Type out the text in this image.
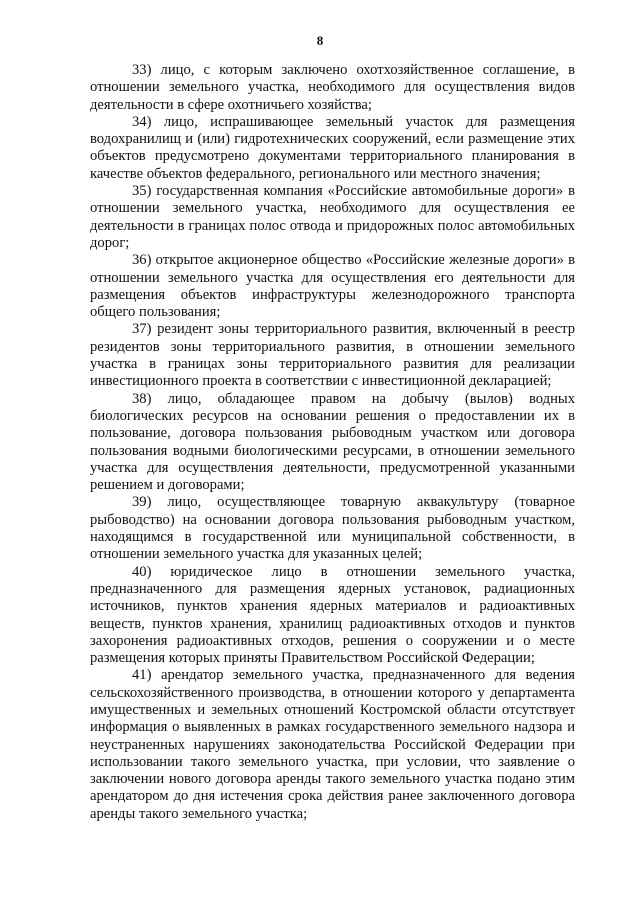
8

33) лицо, с которым заключено охотхозяйственное соглашение, в отношении земельного участка, необходимого для осуществления видов деятельности в сфере охотничьего хозяйства;

34) лицо, испрашивающее земельный участок для размещения водохранилищ и (или) гидротехнических сооружений, если размещение этих объектов предусмотрено документами территориального планирования в качестве объектов федерального, регионального или местного значения;

35) государственная компания «Российские автомобильные дороги» в отношении земельного участка, необходимого для осуществления ее деятельности в границах полос отвода и придорожных полос автомобильных дорог;

36) открытое акционерное общество «Российские железные дороги» в отношении земельного участка для осуществления его деятельности для размещения объектов инфраструктуры железнодорожного транспорта общего пользования;

37) резидент зоны территориального развития, включенный в реестр резидентов зоны территориального развития, в отношении земельного участка в границах зоны территориального развития для реализации инвестиционного проекта в соответствии с инвестиционной декларацией;

38) лицо, обладающее правом на добычу (вылов) водных биологических ресурсов на основании решения о предоставлении их в пользование, договора пользования рыбоводным участком или договора пользования водными биологическими ресурсами, в отношении земельного участка для осуществления деятельности, предусмотренной указанными решением и договорами;

39) лицо, осуществляющее товарную аквакультуру (товарное рыбоводство) на основании договора пользования рыбоводным участком, находящимся в государственной или муниципальной собственности, в отношении земельного участка для указанных целей;

40) юридическое лицо в отношении земельного участка, предназначенного для размещения ядерных установок, радиационных источников, пунктов хранения ядерных материалов и радиоактивных веществ, пунктов хранения, хранилищ радиоактивных отходов и пунктов захоронения радиоактивных отходов, решения о сооружении и о месте размещения которых приняты Правительством Российской Федерации;

41) арендатор земельного участка, предназначенного для ведения сельскохозяйственного производства, в отношении которого у департамента имущественных и земельных отношений Костромской области отсутствует информация о выявленных в рамках государственного земельного надзора и неустраненных нарушениях законодательства Российской Федерации при использовании такого земельного участка, при условии, что заявление о заключении нового договора аренды такого земельного участка подано этим арендатором до дня истечения срока действия ранее заключенного договора аренды такого земельного участка;
